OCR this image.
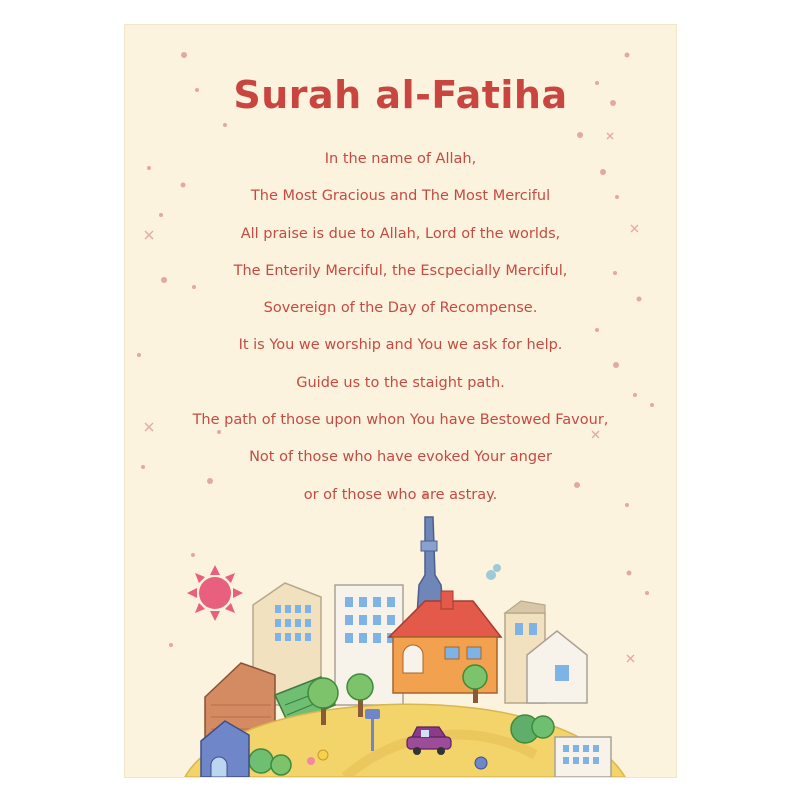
Surah al-Fatiha
In the name of Allah,
The Most Gracious and The Most Merciful
All praise is due to Allah, Lord of the worlds,
The Enterily Merciful, the Escpecially Merciful,
Sovereign of the Day of Recompense.
It is You we worship and You we ask for help.
Guide us to the staight path.
The path of those upon whon You have Bestowed Favour,
Not of those who have evoked Your anger
or of those who are astray.
